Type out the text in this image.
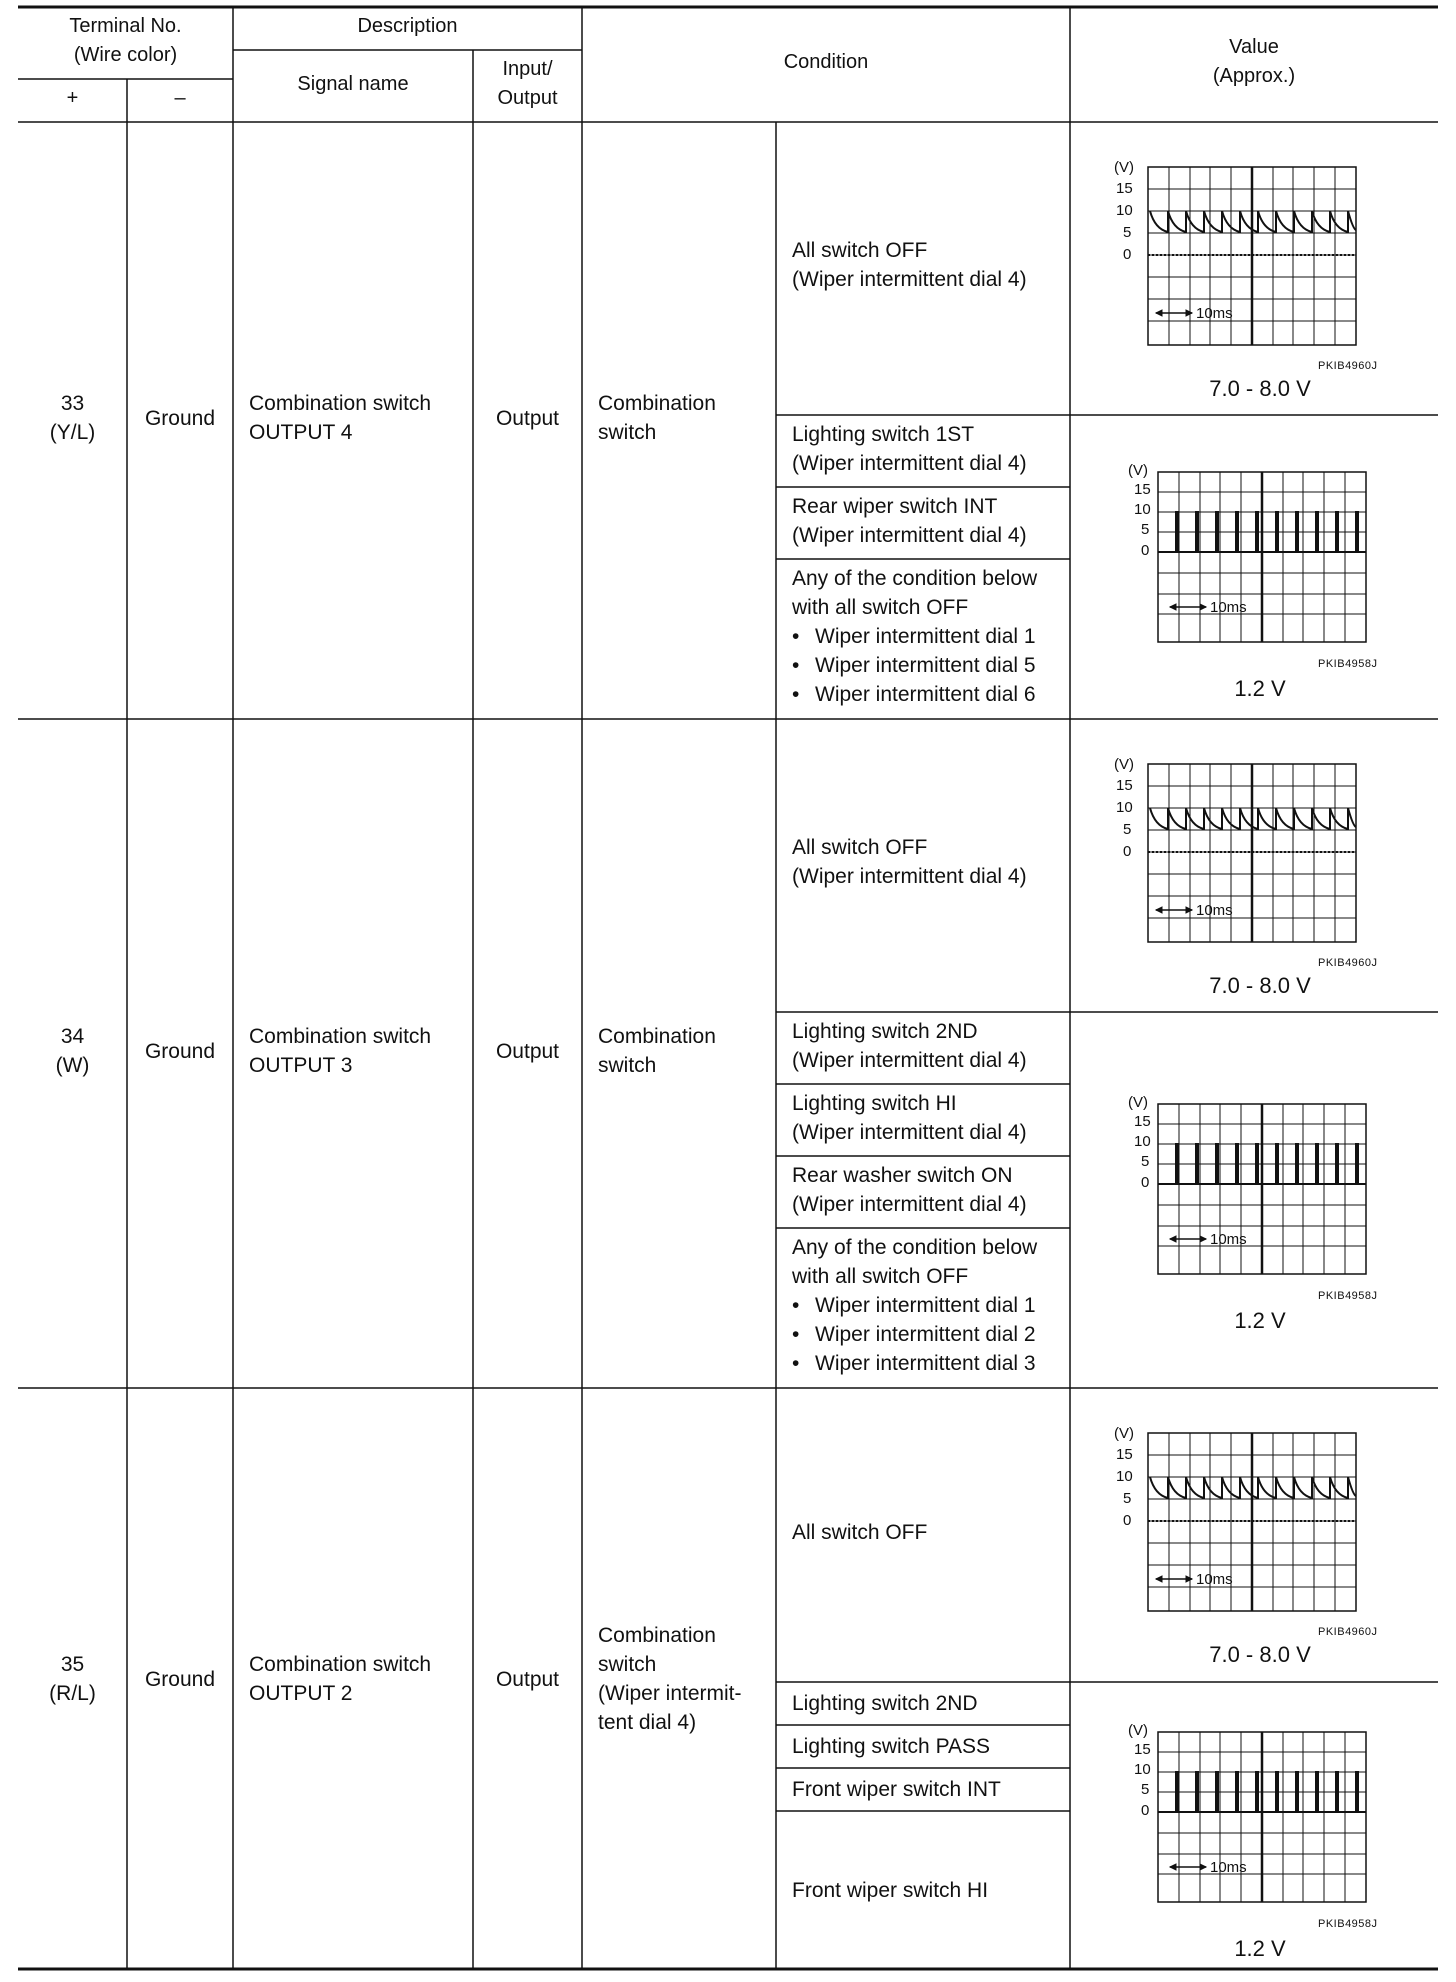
Terminal No.
(Wire color)
+	–
Description
Signal name
Input/
Output
Condition
Value
(Approx.)
33
(Y/L)
Ground
Combination switch
OUTPUT 4
Output
Combination
switch
All switch OFF
(Wiper intermittent dial 4)
Lighting switch 1ST
(Wiper intermittent dial 4)
Rear wiper switch INT
(Wiper intermittent dial 4)
Any of the condition below
with all switch OFF
• Wiper intermittent dial 1
• Wiper intermittent dial 5
• Wiper intermittent dial 6
(V)
15
10
5
0
10ms
PKIB4960J
7.0 - 8.0 V
(V)
15
10
5
0
10ms
PKIB4958J
1.2 V
34
(W)
Ground
Combination switch
OUTPUT 3
Output
Combination
switch
All switch OFF
(Wiper intermittent dial 4)
Lighting switch 2ND
(Wiper intermittent dial 4)
Lighting switch HI
(Wiper intermittent dial 4)
Rear washer switch ON
(Wiper intermittent dial 4)
Any of the condition below
with all switch OFF
• Wiper intermittent dial 1
• Wiper intermittent dial 2
• Wiper intermittent dial 3
(V)
15
10
5
0
10ms
PKIB4960J
7.0 - 8.0 V
(V)
15
10
5
0
10ms
PKIB4958J
1.2 V
35
(R/L)
Ground
Combination switch
OUTPUT 2
Output
Combination
switch
(Wiper intermit-
tent dial 4)
All switch OFF
Lighting switch 2ND
Lighting switch PASS
Front wiper switch INT
Front wiper switch HI
(V)
15
10
5
0
10ms
PKIB4960J
7.0 - 8.0 V
(V)
15
10
5
0
10ms
PKIB4958J
1.2 V
